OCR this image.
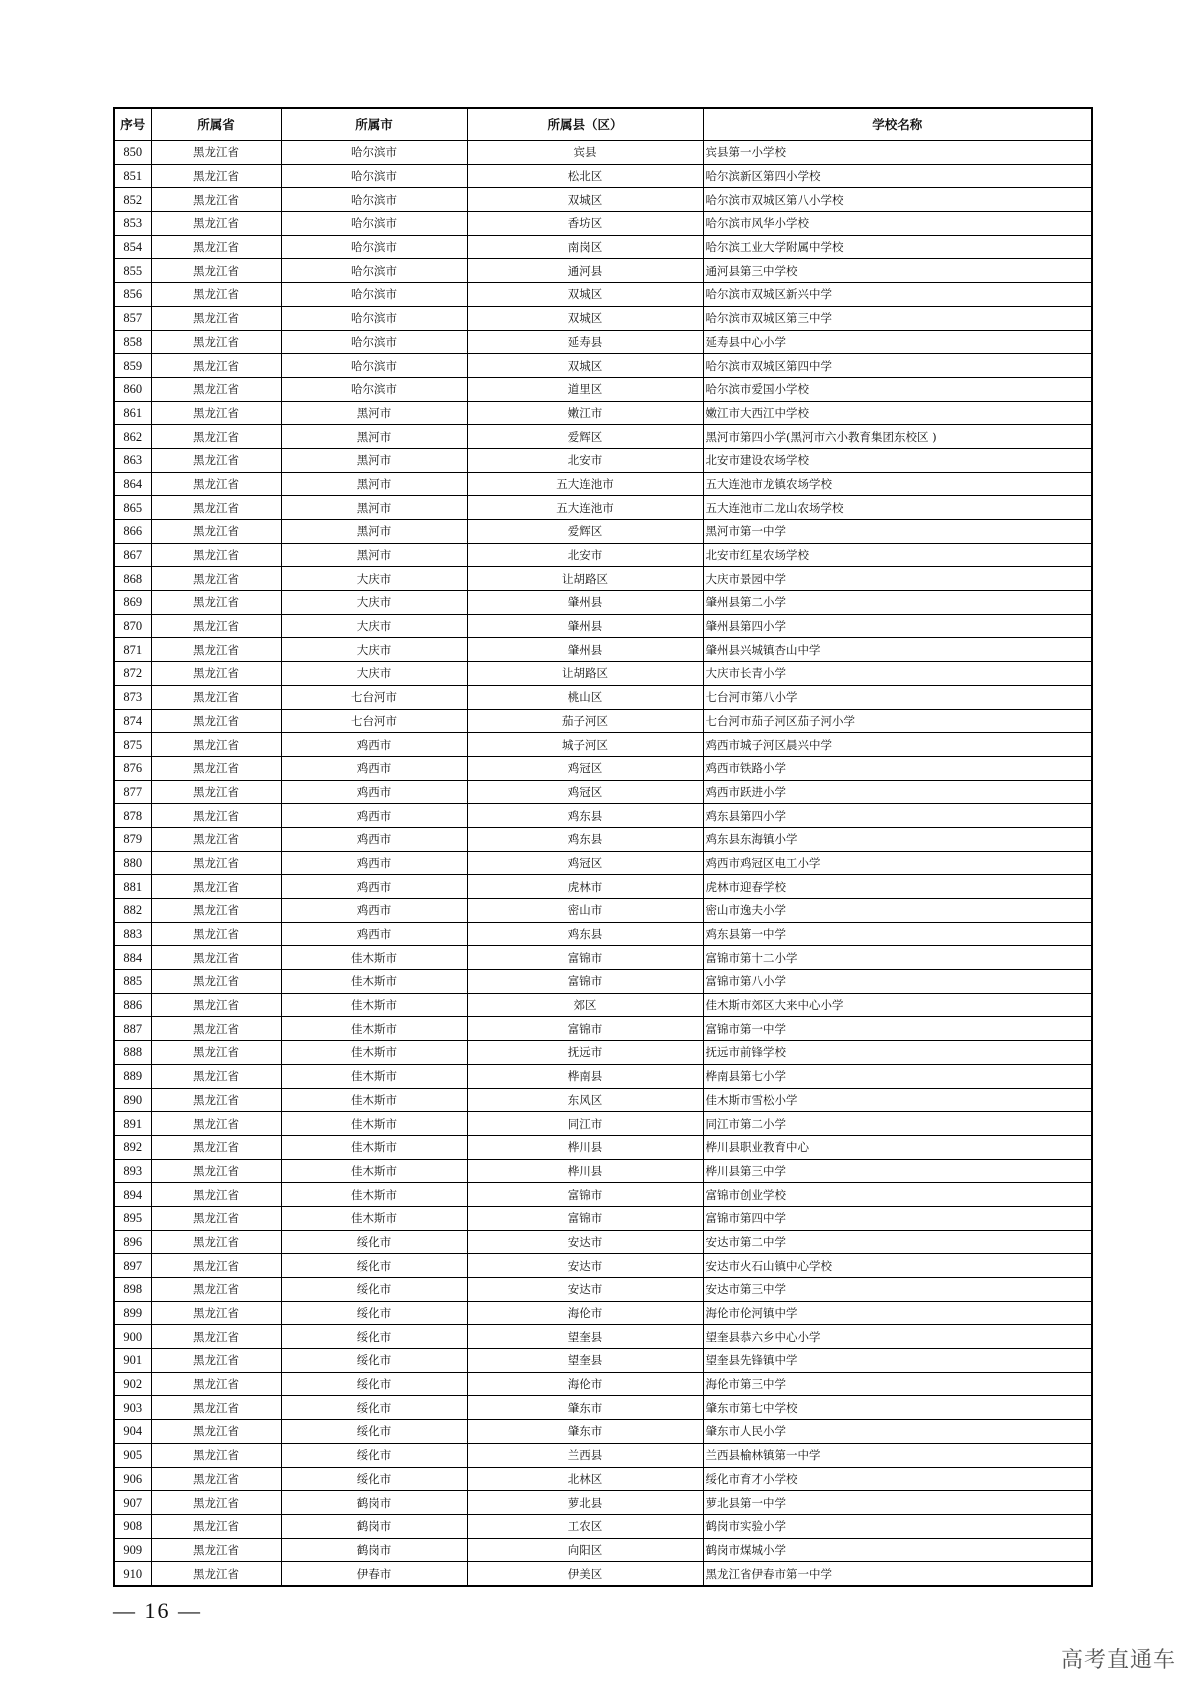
序号	所属省	所属市	所属县（区）	学校名称
850	黑龙江省	哈尔滨市	宾县	宾县第一小学校
851	黑龙江省	哈尔滨市	松北区	哈尔滨新区第四小学校
852	黑龙江省	哈尔滨市	双城区	哈尔滨市双城区第八小学校
853	黑龙江省	哈尔滨市	香坊区	哈尔滨市风华小学校
854	黑龙江省	哈尔滨市	南岗区	哈尔滨工业大学附属中学校
855	黑龙江省	哈尔滨市	通河县	通河县第三中学校
856	黑龙江省	哈尔滨市	双城区	哈尔滨市双城区新兴中学
857	黑龙江省	哈尔滨市	双城区	哈尔滨市双城区第三中学
858	黑龙江省	哈尔滨市	延寿县	延寿县中心小学
859	黑龙江省	哈尔滨市	双城区	哈尔滨市双城区第四中学
860	黑龙江省	哈尔滨市	道里区	哈尔滨市爱国小学校
861	黑龙江省	黑河市	嫩江市	嫩江市大西江中学校
862	黑龙江省	黑河市	爱辉区	黑河市第四小学(黑河市六小教育集团东校区 )
863	黑龙江省	黑河市	北安市	北安市建设农场学校
864	黑龙江省	黑河市	五大连池市	五大连池市龙镇农场学校
865	黑龙江省	黑河市	五大连池市	五大连池市二龙山农场学校
866	黑龙江省	黑河市	爱辉区	黑河市第一中学
867	黑龙江省	黑河市	北安市	北安市红星农场学校
868	黑龙江省	大庆市	让胡路区	大庆市景园中学
869	黑龙江省	大庆市	肇州县	肇州县第二小学
870	黑龙江省	大庆市	肇州县	肇州县第四小学
871	黑龙江省	大庆市	肇州县	肇州县兴城镇杏山中学
872	黑龙江省	大庆市	让胡路区	大庆市长青小学
873	黑龙江省	七台河市	桃山区	七台河市第八小学
874	黑龙江省	七台河市	茄子河区	七台河市茄子河区茄子河小学
875	黑龙江省	鸡西市	城子河区	鸡西市城子河区晨兴中学
876	黑龙江省	鸡西市	鸡冠区	鸡西市铁路小学
877	黑龙江省	鸡西市	鸡冠区	鸡西市跃进小学
878	黑龙江省	鸡西市	鸡东县	鸡东县第四小学
879	黑龙江省	鸡西市	鸡东县	鸡东县东海镇小学
880	黑龙江省	鸡西市	鸡冠区	鸡西市鸡冠区电工小学
881	黑龙江省	鸡西市	虎林市	虎林市迎春学校
882	黑龙江省	鸡西市	密山市	密山市逸夫小学
883	黑龙江省	鸡西市	鸡东县	鸡东县第一中学
884	黑龙江省	佳木斯市	富锦市	富锦市第十二小学
885	黑龙江省	佳木斯市	富锦市	富锦市第八小学
886	黑龙江省	佳木斯市	郊区	佳木斯市郊区大来中心小学
887	黑龙江省	佳木斯市	富锦市	富锦市第一中学
888	黑龙江省	佳木斯市	抚远市	抚远市前锋学校
889	黑龙江省	佳木斯市	桦南县	桦南县第七小学
890	黑龙江省	佳木斯市	东风区	佳木斯市雪松小学
891	黑龙江省	佳木斯市	同江市	同江市第二小学
892	黑龙江省	佳木斯市	桦川县	桦川县职业教育中心
893	黑龙江省	佳木斯市	桦川县	桦川县第三中学
894	黑龙江省	佳木斯市	富锦市	富锦市创业学校
895	黑龙江省	佳木斯市	富锦市	富锦市第四中学
896	黑龙江省	绥化市	安达市	安达市第二中学
897	黑龙江省	绥化市	安达市	安达市火石山镇中心学校
898	黑龙江省	绥化市	安达市	安达市第三中学
899	黑龙江省	绥化市	海伦市	海伦市伦河镇中学
900	黑龙江省	绥化市	望奎县	望奎县恭六乡中心小学
901	黑龙江省	绥化市	望奎县	望奎县先锋镇中学
902	黑龙江省	绥化市	海伦市	海伦市第三中学
903	黑龙江省	绥化市	肇东市	肇东市第七中学校
904	黑龙江省	绥化市	肇东市	肇东市人民小学
905	黑龙江省	绥化市	兰西县	兰西县榆林镇第一中学
906	黑龙江省	绥化市	北林区	绥化市育才小学校
907	黑龙江省	鹤岗市	萝北县	萝北县第一中学
908	黑龙江省	鹤岗市	工农区	鹤岗市实验小学
909	黑龙江省	鹤岗市	向阳区	鹤岗市煤城小学
910	黑龙江省	伊春市	伊美区	黑龙江省伊春市第一中学
— 16 —
高考直通车
